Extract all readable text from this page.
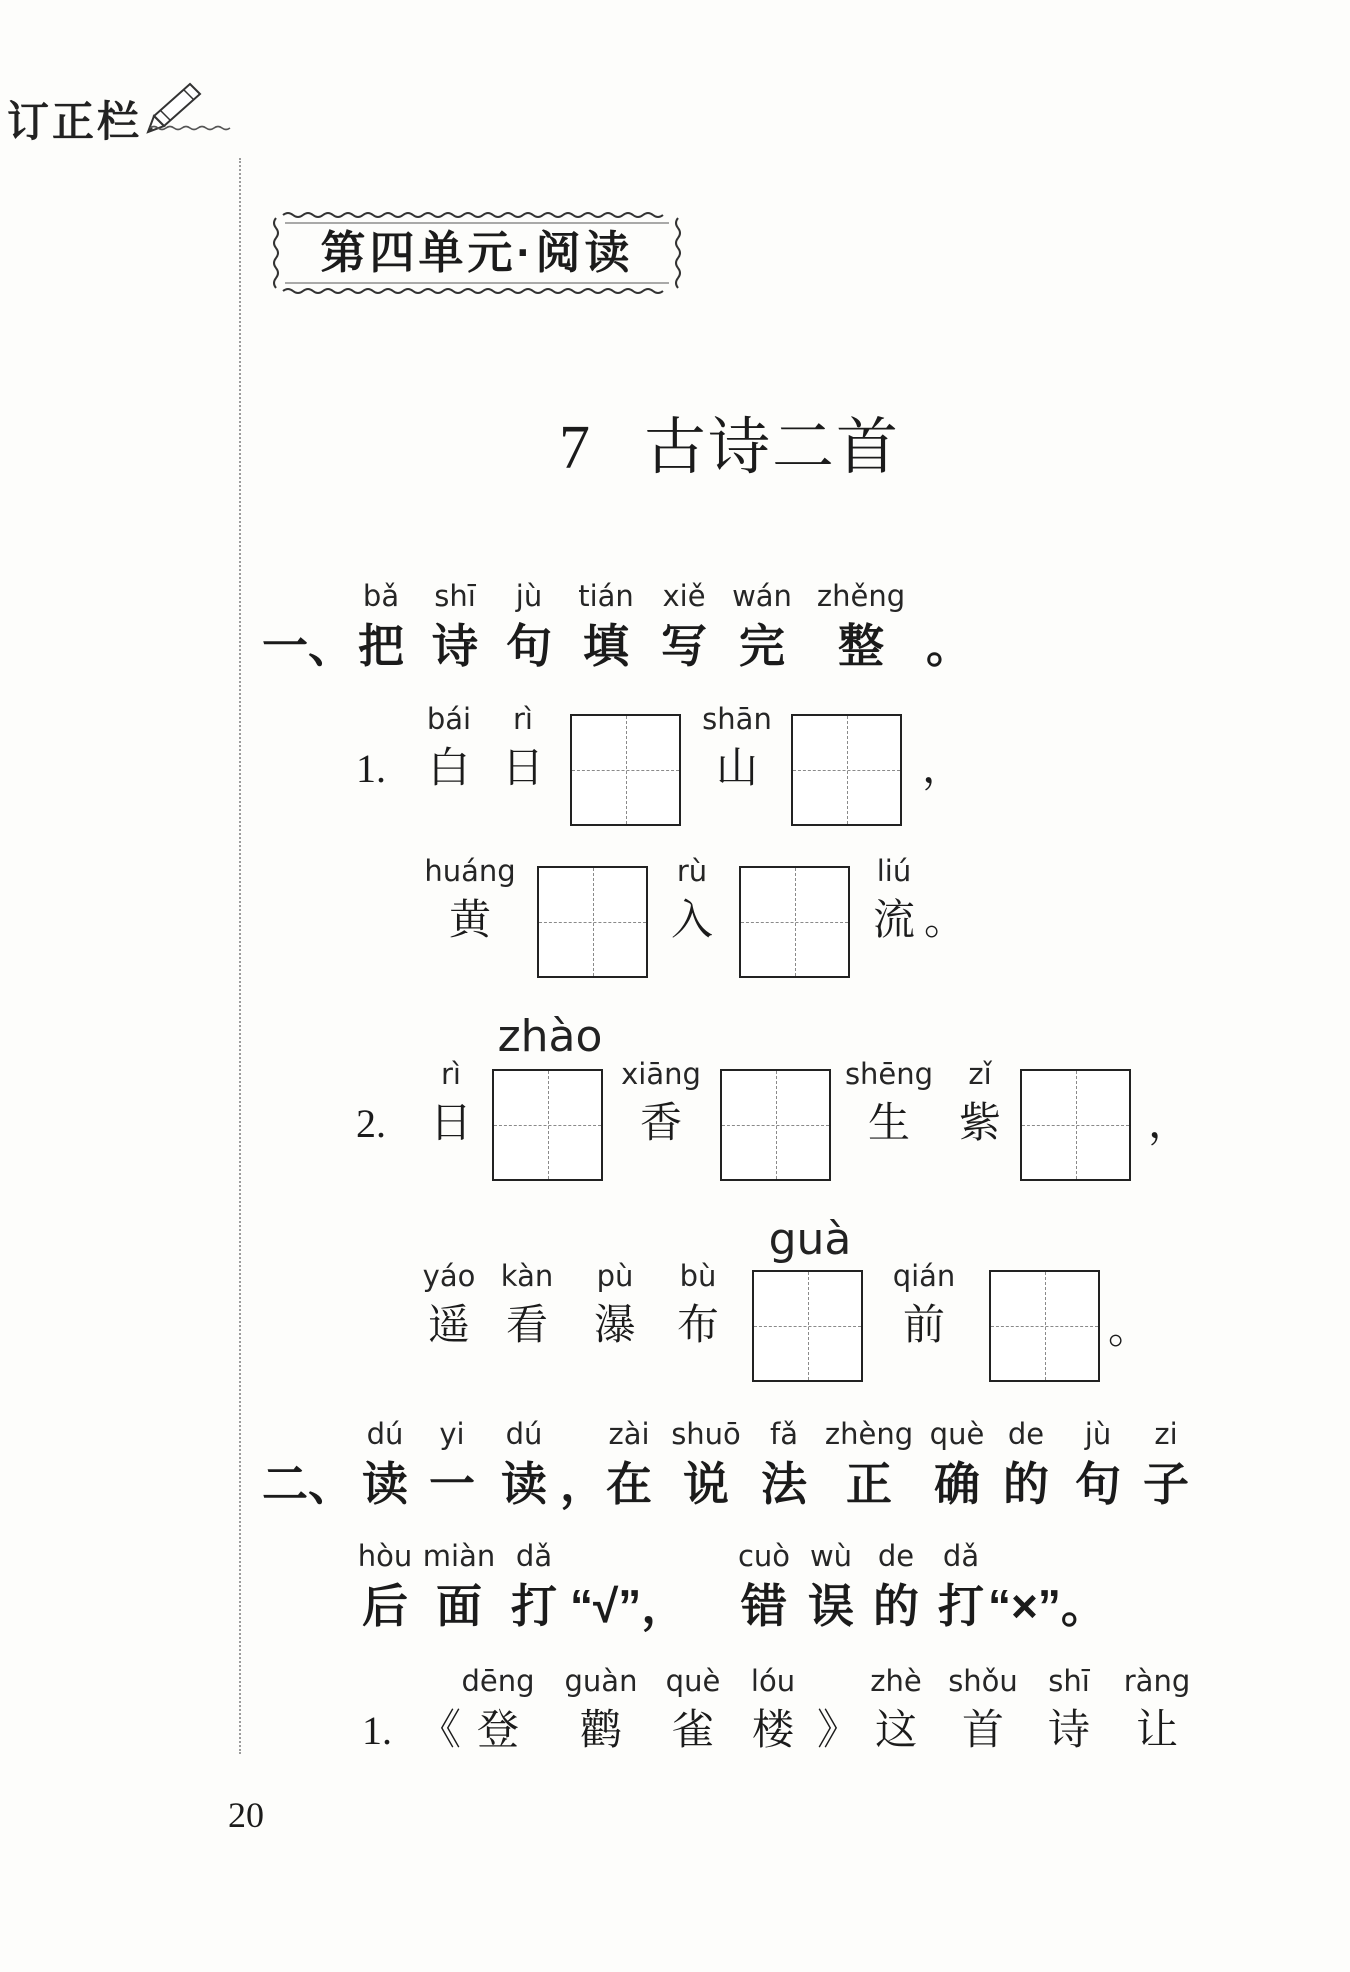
订正栏
第四单元·阅读
7 古诗二首
一、
bǎ
把
shī
诗
jù
句
tián
填
xiě
写
wán
完
zhěng
整 。
1.
bái
白
rì
日
shān
山	，
huáng
黄
rù
入
liú
流 。
zhào
2.
rì
日
xiāng
香
shēng
生
zǐ
紫	，
guà
yáo
遥
kàn
看
pù
瀑
bù
布
qián
前	。
二、
dú
读
yi
一
dú
读 ，
zài
在
shuō
说
fǎ
法
zhèng
正
què
确
de
的
jù
句
zi
子
hòu
后
miàn
面
dǎ
打 “√”，
cuò
错
wù
误
de
的
dǎ
打 “×”。
1. 《
dēng
登
guàn
鹳
què
雀
lóu
楼 》
zhè
这
shǒu
首
shī
诗
ràng
让
20
